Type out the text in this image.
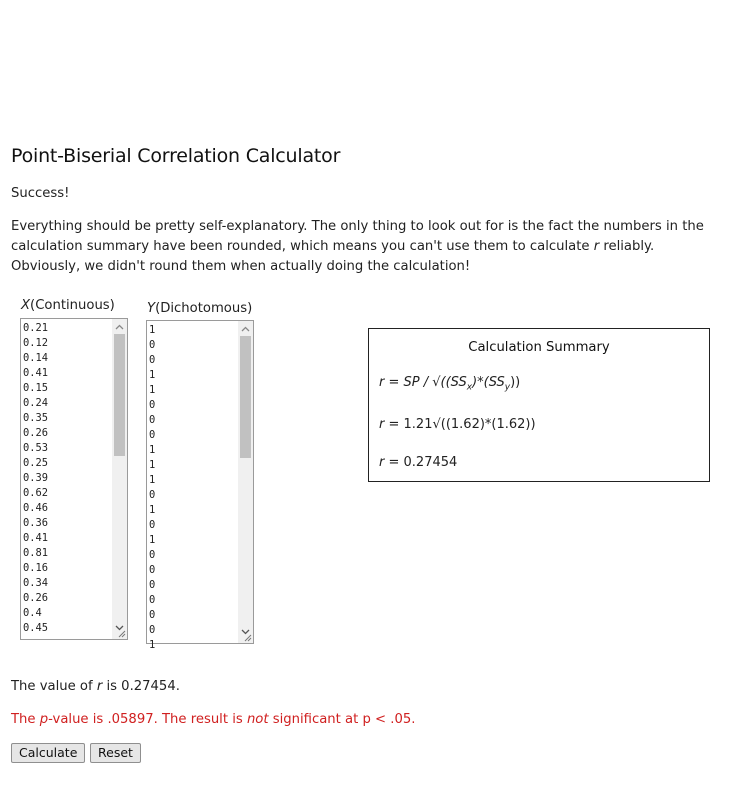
Point-Biserial Correlation Calculator

Success!

Everything should be pretty self-explanatory. The only thing to look out for is the fact the numbers in the calculation summary have been rounded, which means you can't use them to calculate r reliably. Obviously, we didn't round them when actually doing the calculation!

X(Continuous) Y(Dichotomous)
0.21
0.12
0.14
0.41
0.15
0.24
0.35
0.26
0.53
0.25
0.39
0.62
0.46
0.36
0.41
0.81
0.16
0.34
0.26
0.4
0.45
1
0
0
1
1
0
0
0
1
1
1
0
1
0
1
0
0
0
0
0
0
1
Calculation Summary
r = SP / $√((SS_x)*(SS_y))$
r = 1.21√((1.62)*(1.62))
r = 0.27454

The value of r is 0.27454.

The p-value is .05897. The result is not significant at p < .05.

Calculate	Reset
